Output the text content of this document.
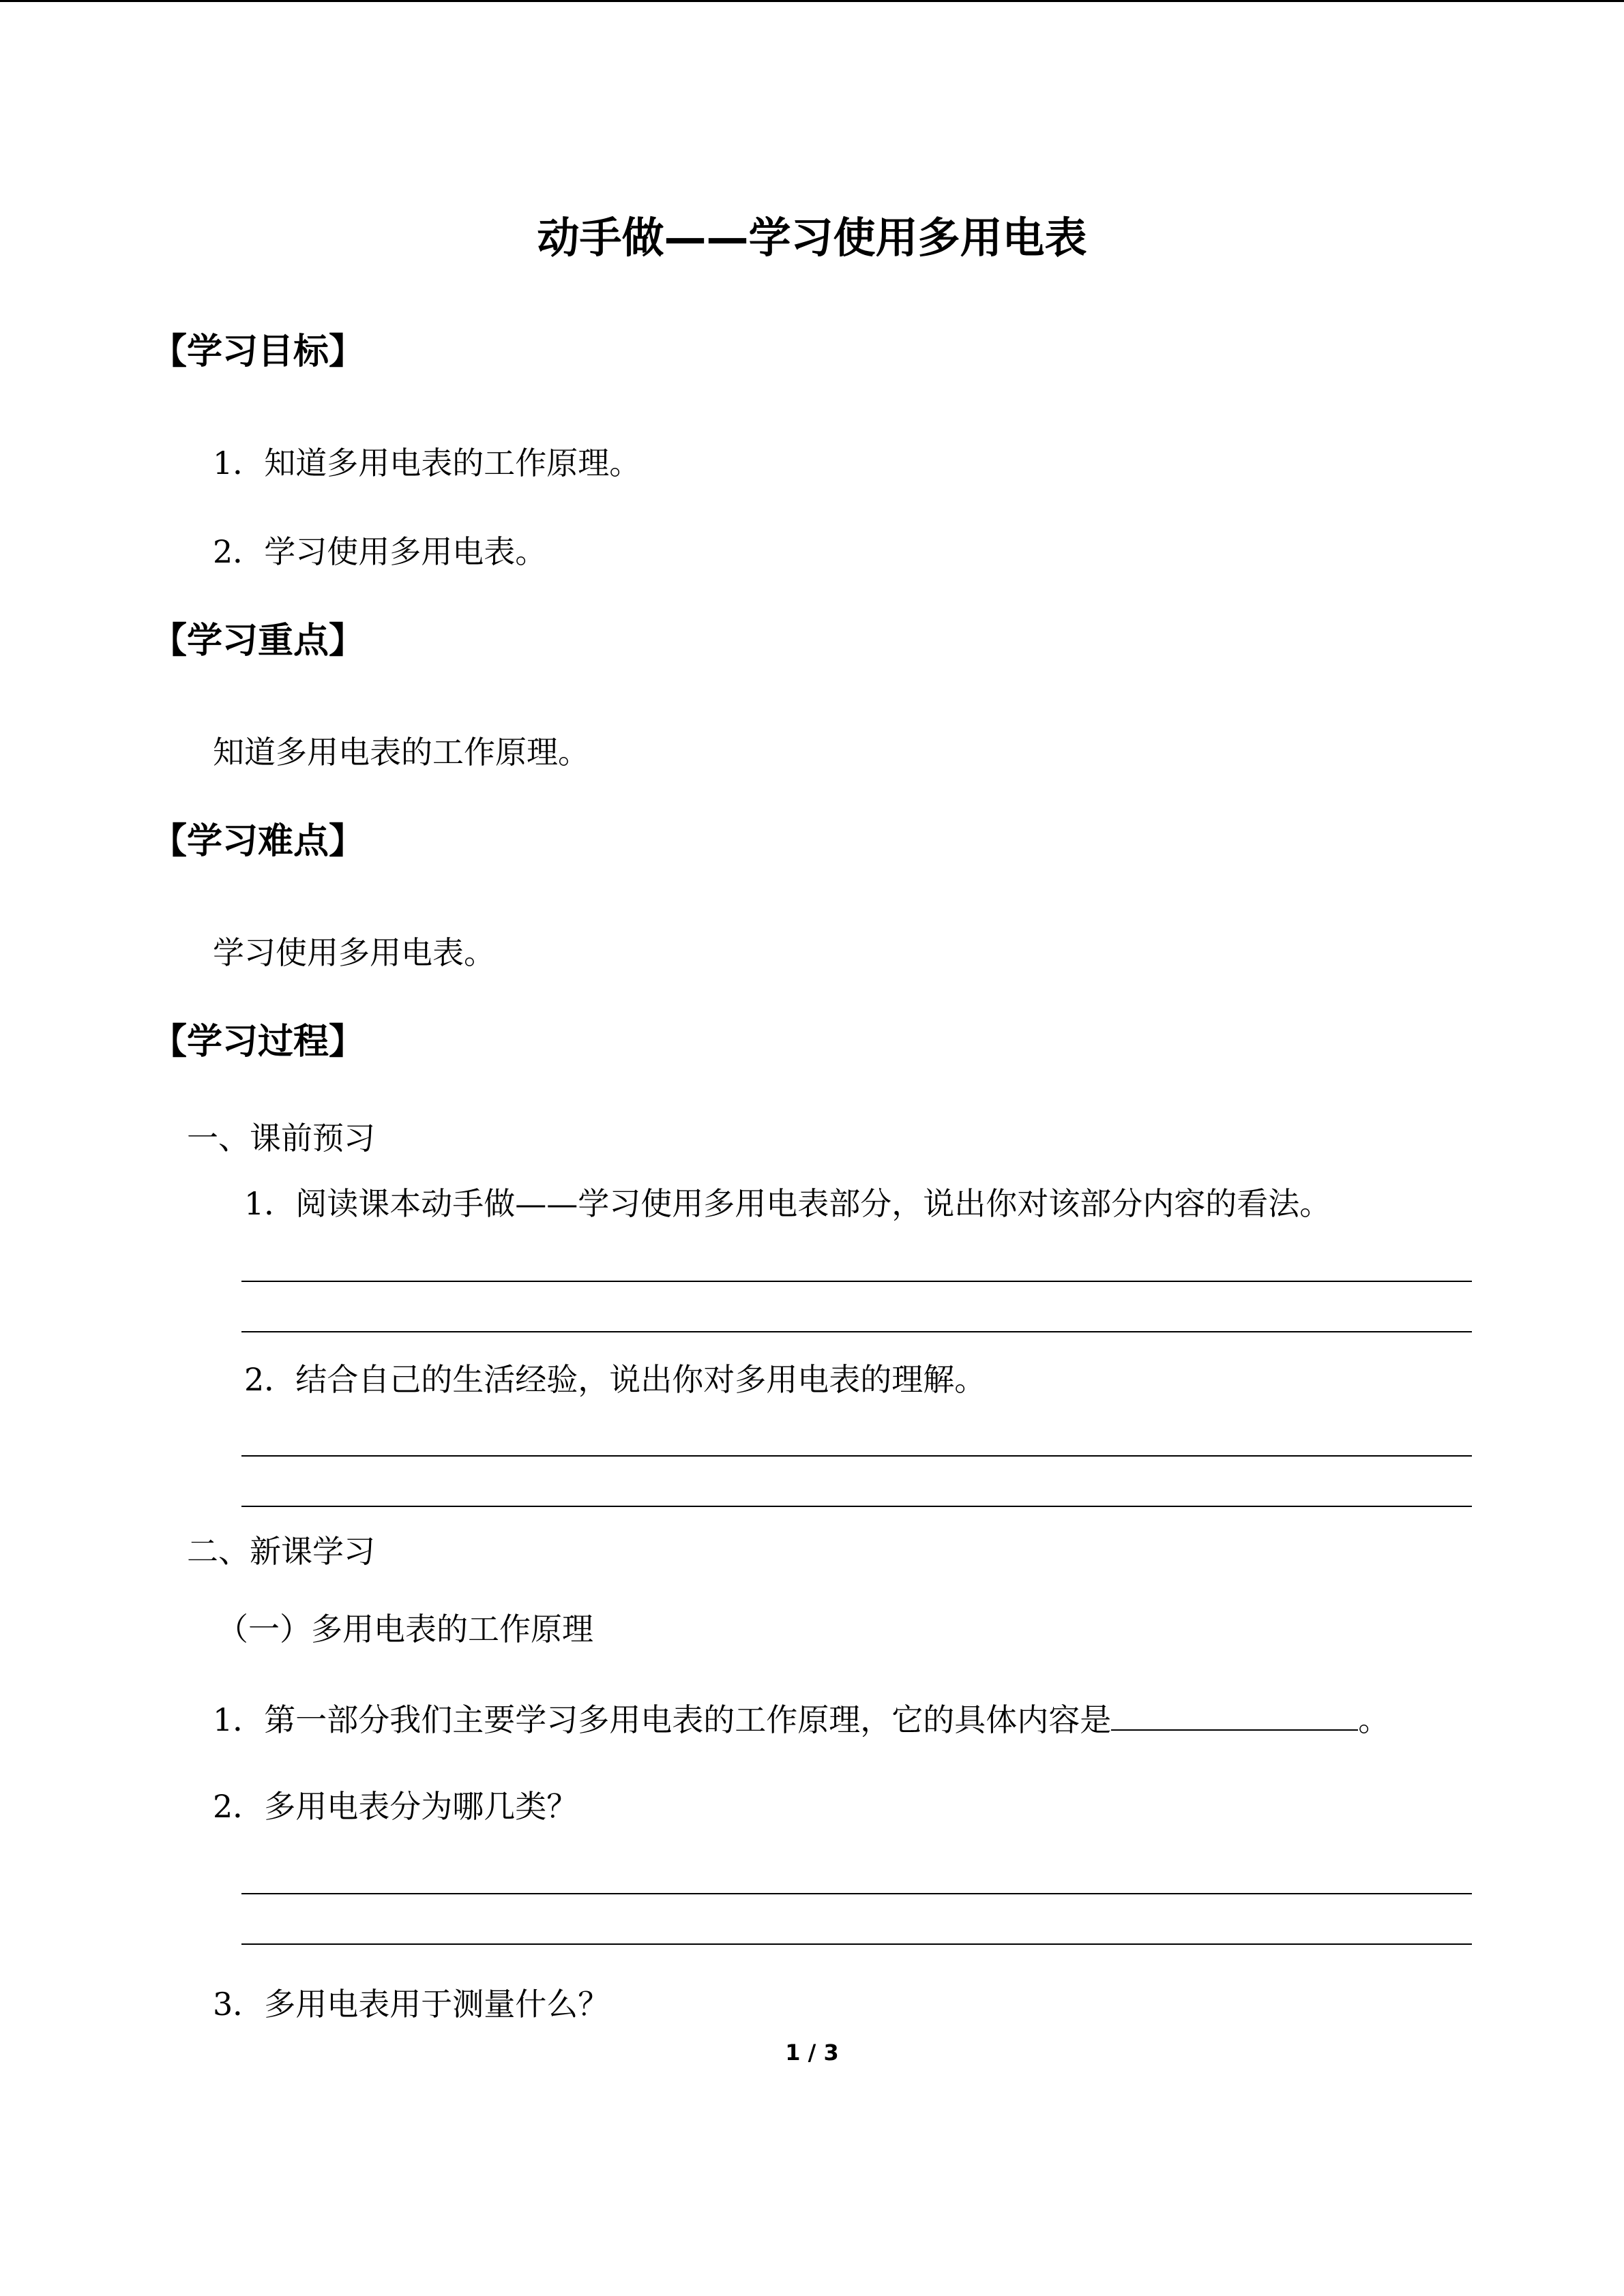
动手做——学习使用多用电表
【学习目标】
1．知道多用电表的工作原理。
2．学习使用多用电表。
【学习重点】
知道多用电表的工作原理。
【学习难点】
学习使用多用电表。
【学习过程】
一、课前预习
1．阅读课本动手做——学习使用多用电表部分，说出你对该部分内容的看法。
2．结合自己的生活经验，说出你对多用电表的理解。
二、新课学习
（一）多用电表的工作原理
1．第一部分我们主要学习多用电表的工作原理，它的具体内容是	。
2．多用电表分为哪几类？
3．多用电表用于测量什么？
1 / 3
